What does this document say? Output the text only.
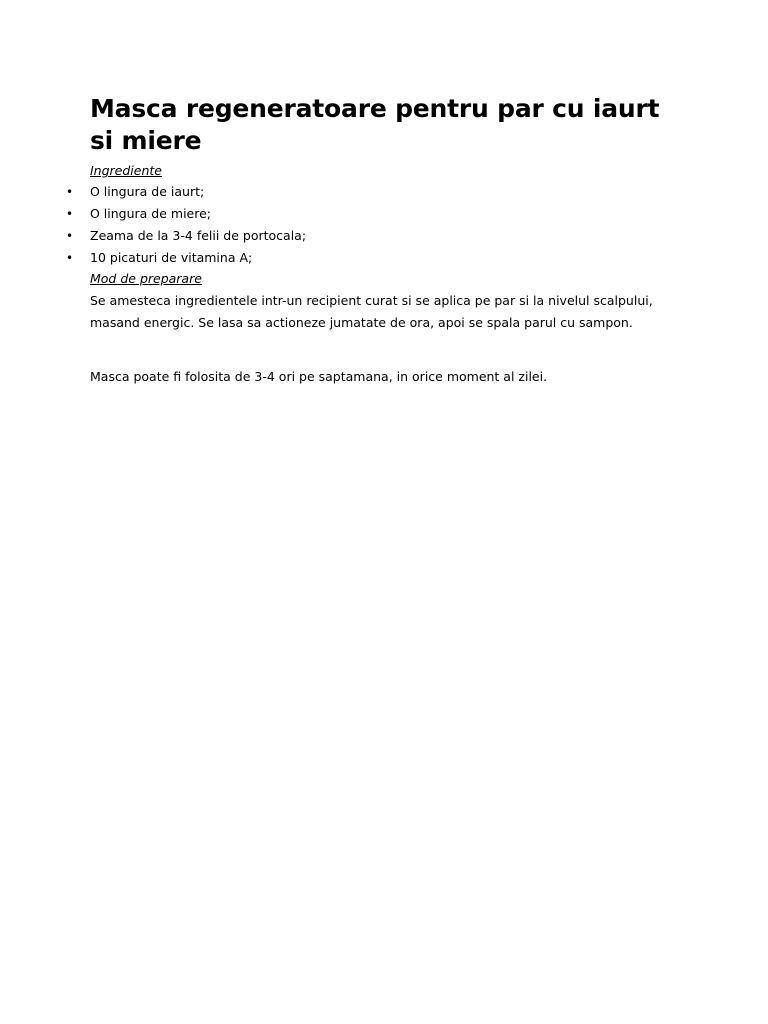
Masca regeneratoare pentru par cu iaurt si miere

Ingrediente

• O lingura de iaurt;
• O lingura de miere;
• Zeama de la 3-4 felii de portocala;
• 10 picaturi de vitamina A;

Mod de preparare

Se amesteca ingredientele intr-un recipient curat si se aplica pe par si la nivelul scalpului, masand energic. Se lasa sa actioneze jumatate de ora, apoi se spala parul cu sampon.

Masca poate fi folosita de 3-4 ori pe saptamana, in orice moment al zilei.
